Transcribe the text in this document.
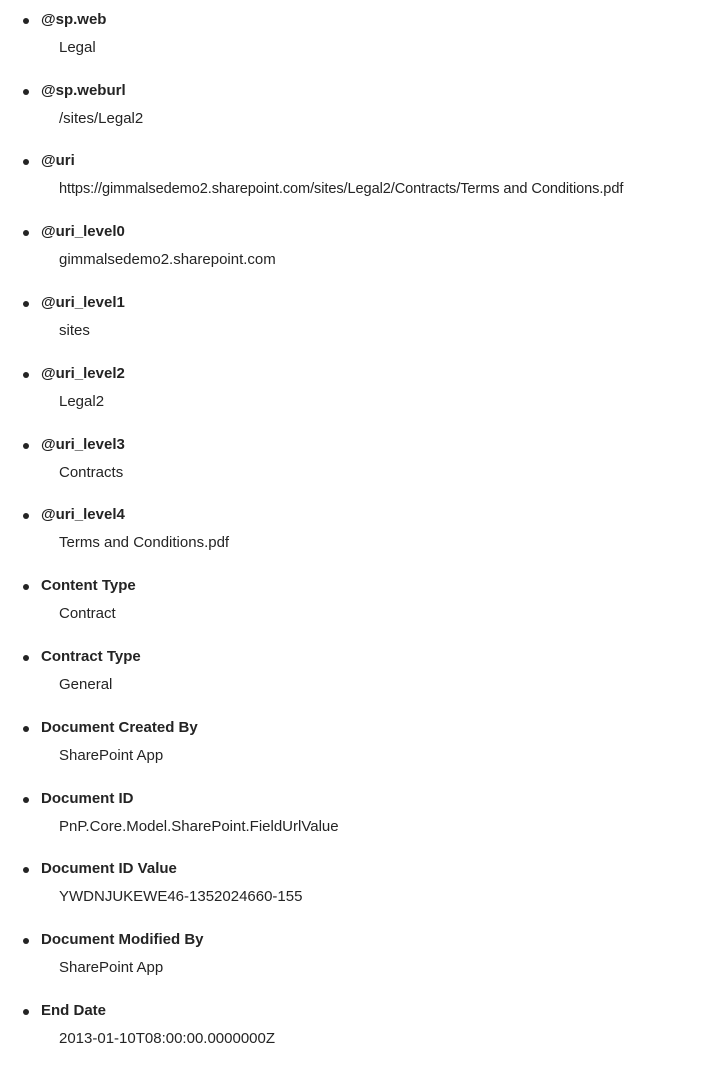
@sp.web
Legal
@sp.weburl
/sites/Legal2
@uri
https://gimmalsedemo2.sharepoint.com/sites/Legal2/Contracts/Terms and Conditions.pdf
@uri_level0
gimmalsedemo2.sharepoint.com
@uri_level1
sites
@uri_level2
Legal2
@uri_level3
Contracts
@uri_level4
Terms and Conditions.pdf
Content Type
Contract
Contract Type
General
Document Created By
SharePoint App
Document ID
PnP.Core.Model.SharePoint.FieldUrlValue
Document ID Value
YWDNJUKEWE46-1352024660-155
Document Modified By
SharePoint App
End Date
2013-01-10T08:00:00.0000000Z
